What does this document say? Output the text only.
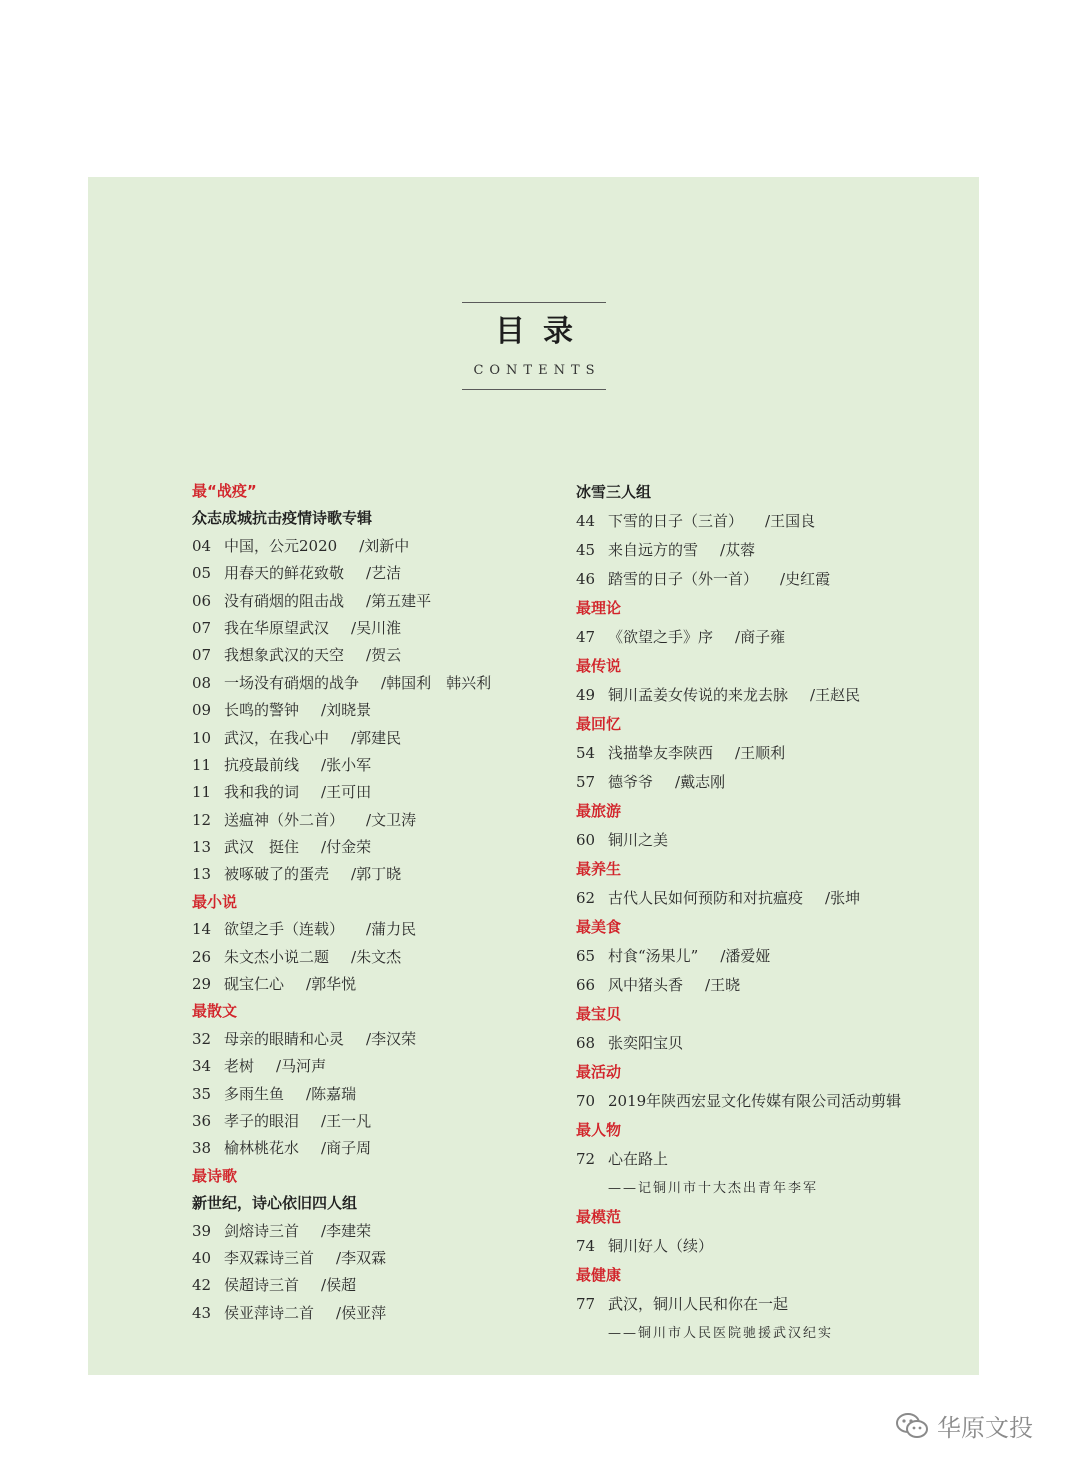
目录
CONTENTS
最“战疫”
众志成城抗击疫情诗歌专辑
04 中国，公元2020 /刘新中
05 用春天的鲜花致敬 /艺洁
06 没有硝烟的阻击战 /第五建平
07 我在华原望武汉 /吴川淮
07 我想象武汉的天空 /贺云
08 一场没有硝烟的战争 /韩国利　韩兴利
09 长鸣的警钟 /刘晓景
10 武汉，在我心中 /郭建民
11 抗疫最前线 /张小军
11 我和我的词 /王可田
12 送瘟神（外二首） /文卫涛
13 武汉　挺住 /付金荣
13 被啄破了的蛋壳 /郭丁晓
最小说
14 欲望之手（连载） /蒲力民
26 朱文杰小说二题 /朱文杰
29 砚宝仁心 /郭华悦
最散文
32 母亲的眼睛和心灵 /李汉荣
34 老树 /马河声
35 多雨生鱼 /陈嘉瑞
36 孝子的眼泪 /王一凡
38 榆林桃花水 /商子周
最诗歌
新世纪，诗心依旧四人组
39 剑熔诗三首 /李建荣
40 李双霖诗三首 /李双霖
42 侯超诗三首 /侯超
43 侯亚萍诗二首 /侯亚萍
冰雪三人组
44 下雪的日子（三首） /王国良
45 来自远方的雪 /苁蓉
46 踏雪的日子（外一首） /史红霞
最理论
47 《欲望之手》序 /商子雍
最传说
49 铜川孟姜女传说的来龙去脉 /王赵民
最回忆
54 浅描挚友李陕西 /王顺利
57 德爷爷 /戴志刚
最旅游
60 铜川之美
最养生
62 古代人民如何预防和对抗瘟疫 /张坤
最美食
65 村食“汤果儿” /潘爱娅
66 风中猪头香 /王晓
最宝贝
68 张奕阳宝贝
最活动
70 2019年陕西宏显文化传媒有限公司活动剪辑
最人物
72 心在路上
——记铜川市十大杰出青年李军
最模范
74 铜川好人（续）
最健康
77 武汉，铜川人民和你在一起
——铜川市人民医院驰援武汉纪实
华原文投
